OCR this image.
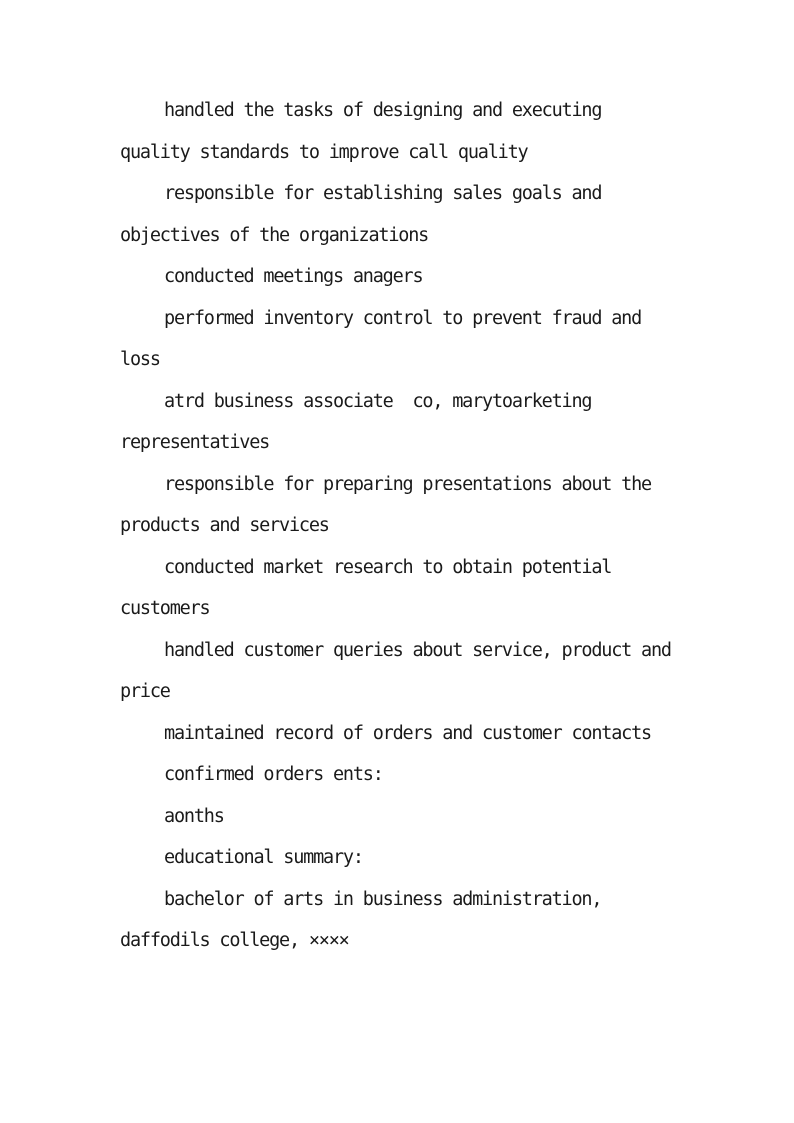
handled the tasks of designing and executing quality standards to improve call quality

responsible for establishing sales goals and objectives of the organizations

conducted meetings anagers

performed inventory control to prevent fraud and loss

atrd business associate  co, marytoarketing representatives

responsible for preparing presentations about the products and services

conducted market research to obtain potential customers

handled customer queries about service, product and price

maintained record of orders and customer contacts

confirmed orders ents:

aonths

educational summary:

bachelor of arts in business administration, daffodils college, ××××
